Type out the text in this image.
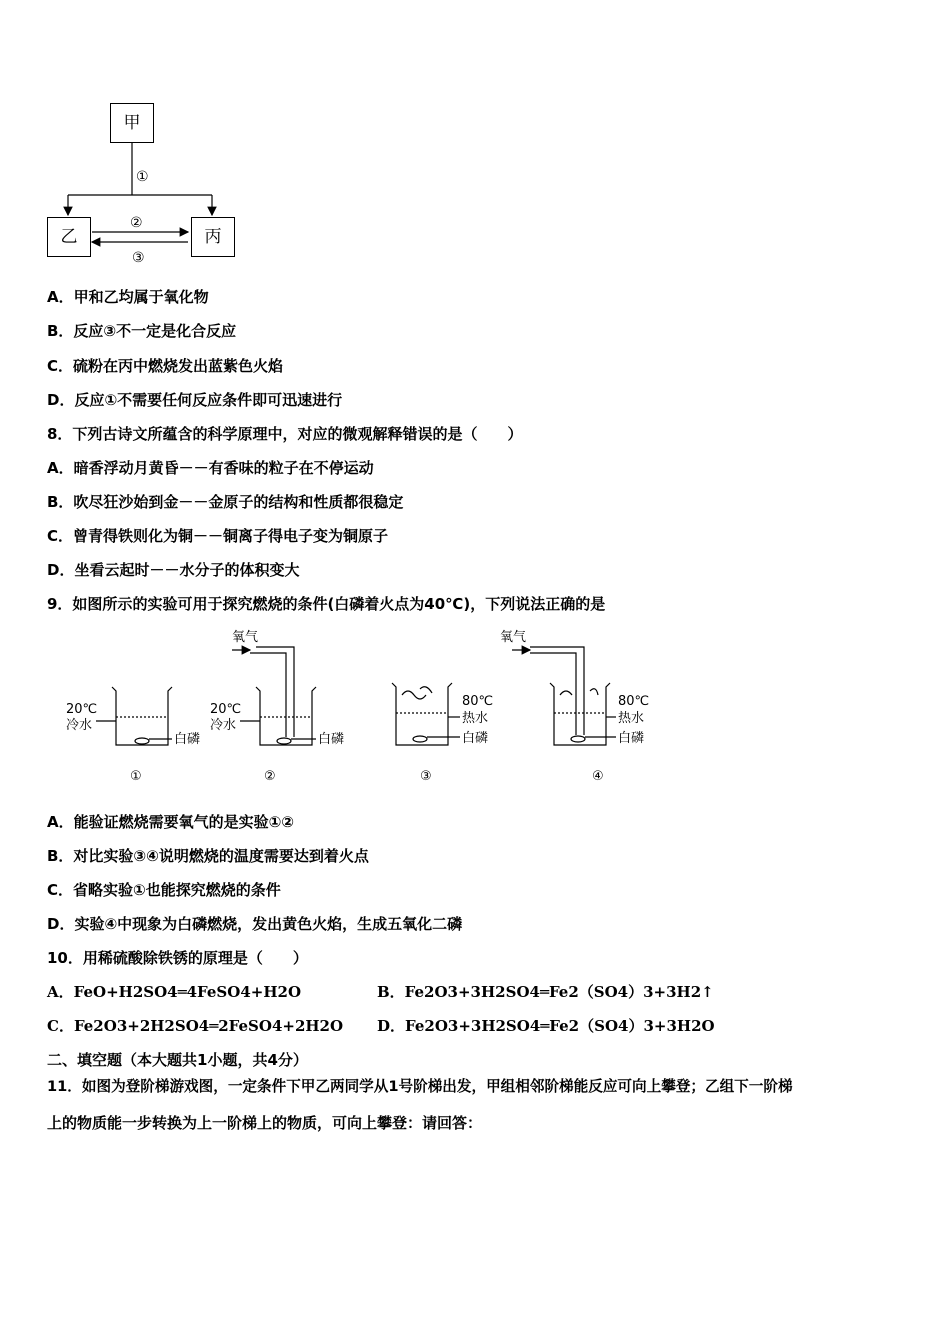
甲
乙	丙
①
②
③
A．甲和乙均属于氧化物
B．反应③不一定是化合反应
C．硫粉在丙中燃烧发出蓝紫色火焰
D．反应①不需要任何反应条件即可迅速进行
8．下列古诗文所蕴含的科学原理中，对应的微观解释错误的是（　　）
A．暗香浮动月黄昏－－有香味的粒子在不停运动
B．吹尽狂沙始到金－－金原子的结构和性质都很稳定
C．曾青得铁则化为铜－－铜离子得电子变为铜原子
D．坐看云起时－－水分子的体积变大
9．如图所示的实验可用于探究燃烧的条件(白磷着火点为40℃)，下列说法正确的是
20℃
冷水
白磷
20℃
冷水
白磷
氧气
80℃
热水
白磷
氧气
80℃
热水
白磷
①	②	③	④
A．能验证燃烧需要氧气的是实验①②
B．对比实验③④说明燃烧的温度需要达到着火点
C．省略实验①也能探究燃烧的条件
D．实验④中现象为白磷燃烧，发出黄色火焰，生成五氧化二磷
10．用稀硫酸除铁锈的原理是（　　）
A．FeO+H2SO4═4FeSO4+H2O	B．Fe2O3+3H2SO4═Fe2（SO4）3+3H2↑
C．Fe2O3+2H2SO4═2FeSO4+2H2O D．Fe2O3+3H2SO4═Fe2（SO4）3+3H2O
二、填空题（本大题共1小题，共4分）
11．如图为登阶梯游戏图，一定条件下甲乙两同学从1号阶梯出发，甲组相邻阶梯能反应可向上攀登；乙组下一阶梯
上的物质能一步转换为上一阶梯上的物质，可向上攀登：请回答：
